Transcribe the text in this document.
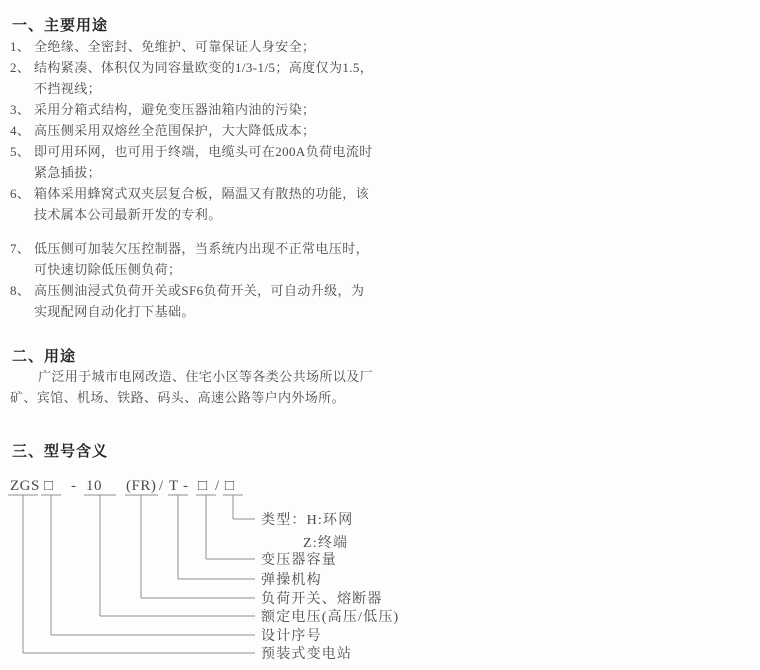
一、主要用途
1、 全绝缘、全密封、免维护、可靠保证人身安全；
2、 结构紧凑、体积仅为同容量欧变的1/3-1/5；高度仅为1.5，
不挡视线；
3、 采用分箱式结构，避免变压器油箱内油的污染；
4、 高压侧采用双熔丝全范围保护，大大降低成本；
5、 即可用环网，也可用于终端，电缆头可在200A负荷电流时
紧急插拔；
6、 箱体采用蜂窝式双夹层复合板，隔温又有散热的功能，该
技术属本公司最新开发的专利。
7、 低压侧可加装欠压控制器，当系统内出现不正常电压时，
可快速切除低压侧负荷；
8、 高压侧油浸式负荷开关或SF6负荷开关，可自动升级，为
实现配网自动化打下基础。
二、用途
广泛用于城市电网改造、住宅小区等各类公共场所以及厂
矿、宾馆、机场、铁路、码头、高速公路等户内外场所。
三、型号含义
ZGS □ - 10 (FR) / T - □ / □
类型：H:环网
Z:终端
变压器容量
弹操机构
负荷开关、熔断器
额定电压(高压/低压)
设计序号
预装式变电站
